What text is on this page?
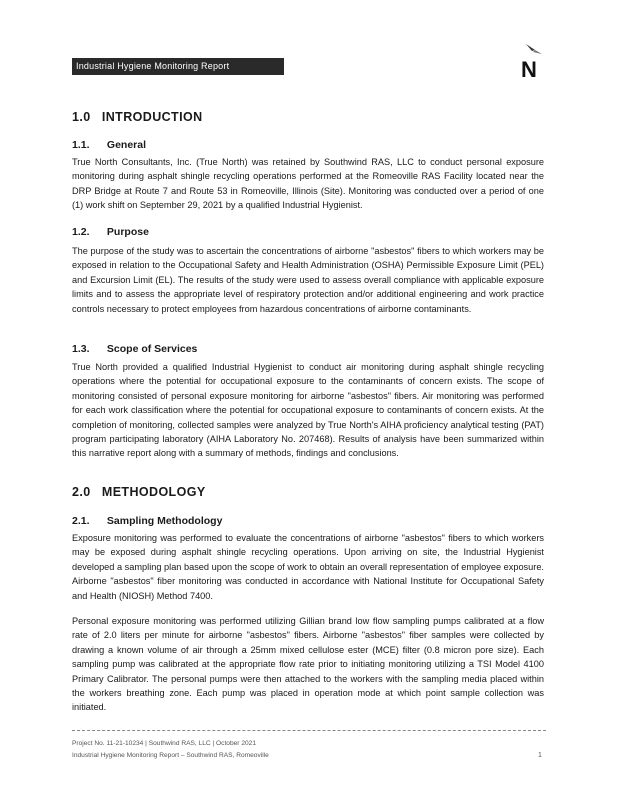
Industrial Hygiene Monitoring Report	N
1.0 INTRODUCTION
1.1. General
True North Consultants, Inc. (True North) was retained by Southwind RAS, LLC to conduct personal exposure monitoring during asphalt shingle recycling operations performed at the Romeoville RAS Facility located near the DRP Bridge at Route 7 and Route 53 in Romeoville, Illinois (Site). Monitoring was conducted over a period of one (1) work shift on September 29, 2021 by a qualified Industrial Hygienist.
1.2. Purpose
The purpose of the study was to ascertain the concentrations of airborne "asbestos" fibers to which workers may be exposed in relation to the Occupational Safety and Health Administration (OSHA) Permissible Exposure Limit (PEL) and Excursion Limit (EL). The results of the study were used to assess overall compliance with applicable exposure limits and to assess the appropriate level of respiratory protection and/or additional engineering and work practice controls necessary to protect employees from hazardous concentrations of airborne contaminants.
1.3. Scope of Services
True North provided a qualified Industrial Hygienist to conduct air monitoring during asphalt shingle recycling operations where the potential for occupational exposure to the contaminants of concern exists. The scope of monitoring consisted of personal exposure monitoring for airborne "asbestos" fibers. Air monitoring was performed for each work classification where the potential for occupational exposure to contaminants of concern exists. At the completion of monitoring, collected samples were analyzed by True North's AIHA proficiency analytical testing (PAT) program participating laboratory (AIHA Laboratory No. 207468). Results of analysis have been summarized within this narrative report along with a summary of methods, findings and conclusions.
2.0 METHODOLOGY
2.1. Sampling Methodology
Exposure monitoring was performed to evaluate the concentrations of airborne "asbestos" fibers to which workers may be exposed during asphalt shingle recycling operations. Upon arriving on site, the Industrial Hygienist developed a sampling plan based upon the scope of work to obtain an overall representation of employee exposure. Airborne "asbestos" fiber monitoring was conducted in accordance with National Institute for Occupational Safety and Health (NIOSH) Method 7400.
Personal exposure monitoring was performed utilizing Gillian brand low flow sampling pumps calibrated at a flow rate of 2.0 liters per minute for airborne "asbestos" fibers. Airborne "asbestos" fiber samples were collected by drawing a known volume of air through a 25mm mixed cellulose ester (MCE) filter (0.8 micron pore size). Each sampling pump was calibrated at the appropriate flow rate prior to initiating monitoring utilizing a TSI Model 4100 Primary Calibrator. The personal pumps were then attached to the workers with the sampling media placed within the workers breathing zone. Each pump was placed in operation mode at which point sample collection was initiated.
Project No. 11-21-10234 | Southwind RAS, LLC | October 2021
Industrial Hygiene Monitoring Report – Southwind RAS, Romeoville	1
